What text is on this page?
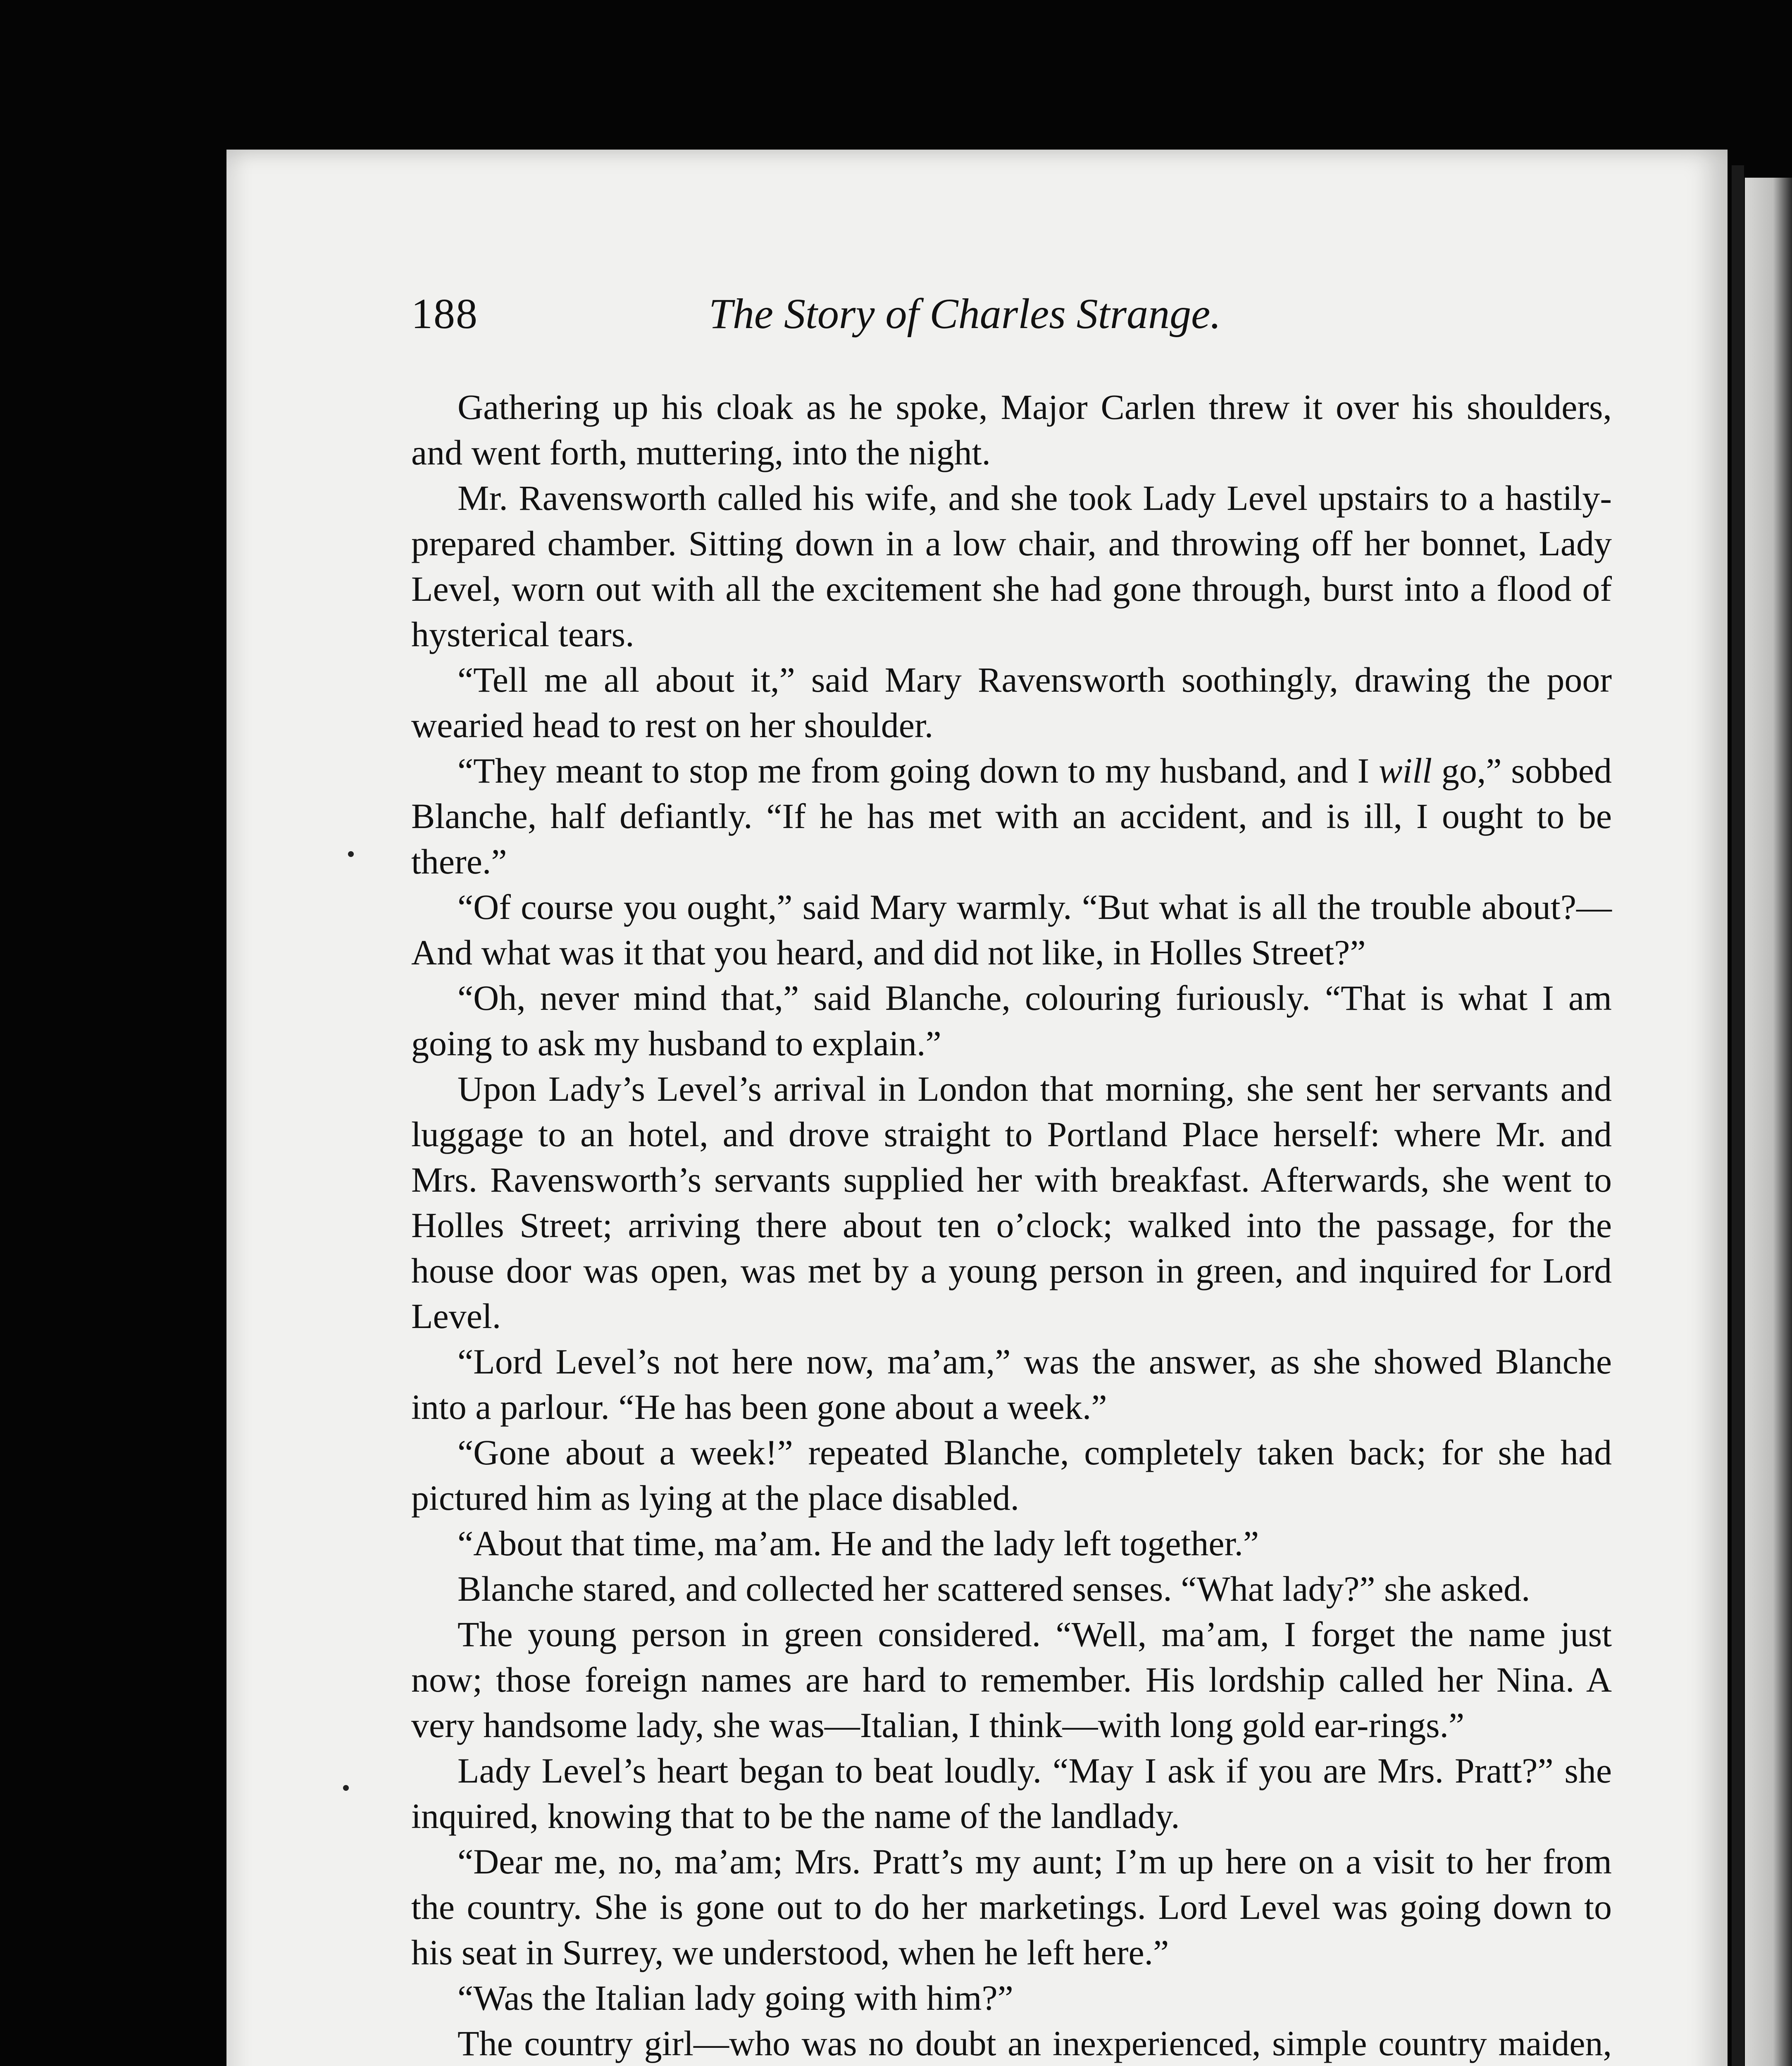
188	The Story of Charles Strange.

Gathering up his cloak as he spoke, Major Carlen threw it over his shoulders, and went forth, muttering, into the night.

Mr. Ravensworth called his wife, and she took Lady Level upstairs to a hastily-prepared chamber. Sitting down in a low chair, and throwing off her bonnet, Lady Level, worn out with all the excitement she had gone through, burst into a flood of hysterical tears.

“Tell me all about it,” said Mary Ravensworth soothingly, drawing the poor wearied head to rest on her shoulder.

“They meant to stop me from going down to my husband, and I will go,” sobbed Blanche, half defiantly. “If he has met with an accident, and is ill, I ought to be there.”

“Of course you ought,” said Mary warmly. “But what is all the trouble about?—And what was it that you heard, and did not like, in Holles Street?”

“Oh, never mind that,” said Blanche, colouring furiously. “That is what I am going to ask my husband to explain.”

Upon Lady’s Level’s arrival in London that morning, she sent her servants and luggage to an hotel, and drove straight to Portland Place herself: where Mr. and Mrs. Ravensworth’s servants supplied her with breakfast. Afterwards, she went to Holles Street; arriving there about ten o’clock; walked into the passage, for the house door was open, was met by a young person in green, and inquired for Lord Level.

“Lord Level’s not here now, ma’am,” was the answer, as she showed Blanche into a parlour. “He has been gone about a week.”

“Gone about a week!” repeated Blanche, completely taken back; for she had pictured him as lying at the place disabled.

“About that time, ma’am. He and the lady left together.”

Blanche stared, and collected her scattered senses. “What lady?” she asked.

The young person in green considered. “Well, ma’am, I forget the name just now; those foreign names are hard to remember. His lordship called her Nina. A very handsome lady, she was—Italian, I think—with long gold ear-rings.”

Lady Level’s heart began to beat loudly. “May I ask if you are Mrs. Pratt?” she inquired, knowing that to be the name of the landlady.

“Dear me, no, ma’am; Mrs. Pratt’s my aunt; I’m up here on a visit to her from the country. She is gone out to do her marketings. Lord Level was going down to his seat in Surrey, we understood, when he left here.”

“Was the Italian lady going with him?”

The country girl—who was no doubt an inexperienced, simple country maiden,
